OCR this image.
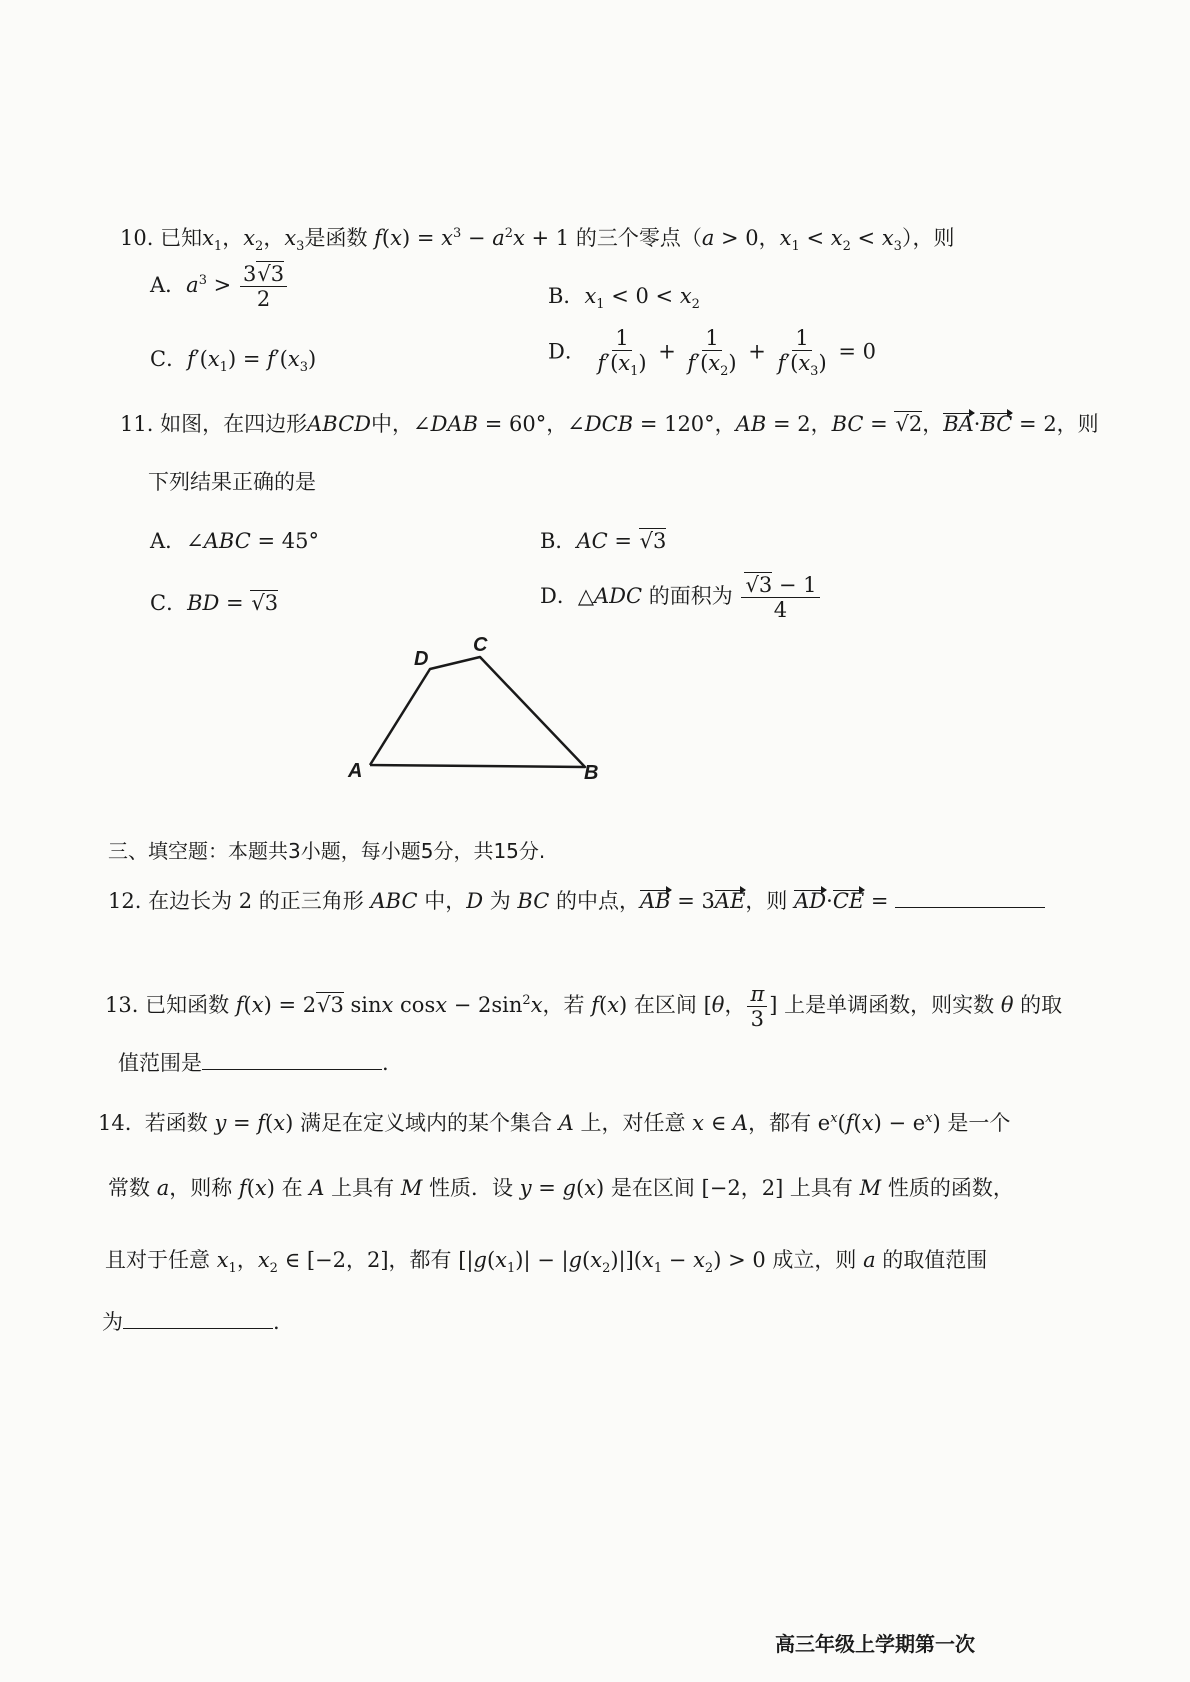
10. 已知$x_1$，$x_2$，$x_3$是函数 $f(x) = x^3 - a^2x + 1$ 的三个零点（a > 0，$x_1 < x_2 < x_3$），则
A．$a^3 > \frac{3√3}{2}$	B．$x_1 < 0 < x_2$
C．$f'(x_1) = f'(x_3)$	D． $\frac{1}{f'(x_1)} + \frac{1}{f'(x_2)} + \frac{1}{f'(x_3)} = 0$
11. 如图，在四边形ABCD中，∠DAB = 60°，∠DCB = 120°，AB = 2，BC = √2，BA·BC = 2，则
下列结果正确的是
A．∠ABC = 45°	B．AC = √3
C．BD = √3	D．△ADC 的面积为 $\frac{√3 - 1}{4}$
A	B
C
D
三、填空题：本题共3小题，每小题5分，共15分.
12. 在边长为 2 的正三角形 ABC 中，D 为 BC 的中点，AB = 3AE，则 AD·CE =
13. 已知函数 f(x) = 2√3 sinx $\cos x - 2\sin^2x$，若 f(x) 在区间 [θ， $\frac{\pi}{3}$ ] 上是单调函数，则实数 θ 的取
值范围是	.
14.  若函数 y = f(x) 满足在定义域内的某个集合 A 上，对任意 x ∈ A，都有 $e^x(f(x) - e^x)$ 是一个
常数 a，则称 f(x) 在 A 上具有 M 性质．设 y = g(x) 是在区间 [−2，2] 上具有 M 性质的函数，
且对于任意 $x_1$，$x_2$ ∈ [−2，2]，都有 $[|g(x_1)| - |g(x_2)|](x_1 - x_2) > 0$ 成立，则 a 的取值范围
为	.
高三年级上学期第一次
